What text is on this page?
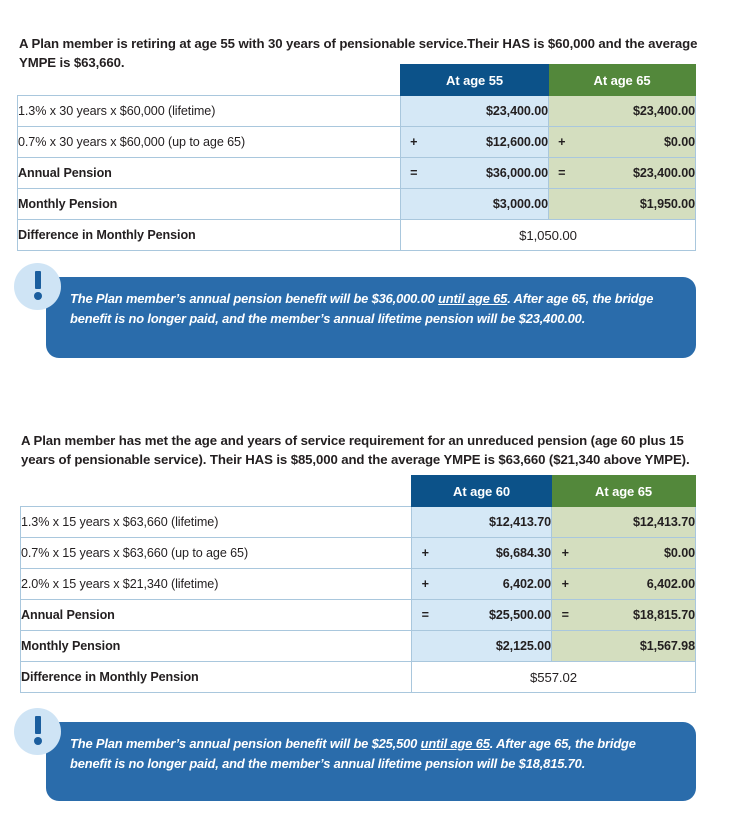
A Plan member is retiring at age 55 with 30 years of pensionable service.Their HAS is $60,000 and the average YMPE is $63,660.

	At age 55		At age 65	
1.3% x 30 years x $60,000 (lifetime)		$23,400.00		$23,400.00
0.7% x 30 years x $60,000 (up to age 65)	+	$12,600.00	+	$0.00
Annual Pension	=	$36,000.00	=	$23,400.00
Monthly Pension		$3,000.00		$1,950.00
Difference in Monthly Pension	$1,050.00			
The Plan member’s annual pension benefit will be $36,000.00 until age 65. After age 65, the bridge benefit is no longer paid, and the member’s annual lifetime pension will be $23,400.00.

A Plan member has met the age and years of service requirement for an unreduced pension (age 60 plus 15 years of pensionable service). Their HAS is $85,000 and the average YMPE is $63,660 ($21,340 above YMPE).

	At age 60		At age 65	
1.3% x 15 years x $63,660 (lifetime)		$12,413.70		$12,413.70
0.7% x 15 years x $63,660 (up to age 65)	+	$6,684.30	+	$0.00
2.0% x 15 years x $21,340 (lifetime)	+	6,402.00	+	6,402.00
Annual Pension	=	$25,500.00	=	$18,815.70
Monthly Pension		$2,125.00		$1,567.98
Difference in Monthly Pension	$557.02			
The Plan member’s annual pension benefit will be $25,500 until age 65. After age 65, the bridge benefit is no longer paid, and the member’s annual lifetime pension will be $18,815.70.
